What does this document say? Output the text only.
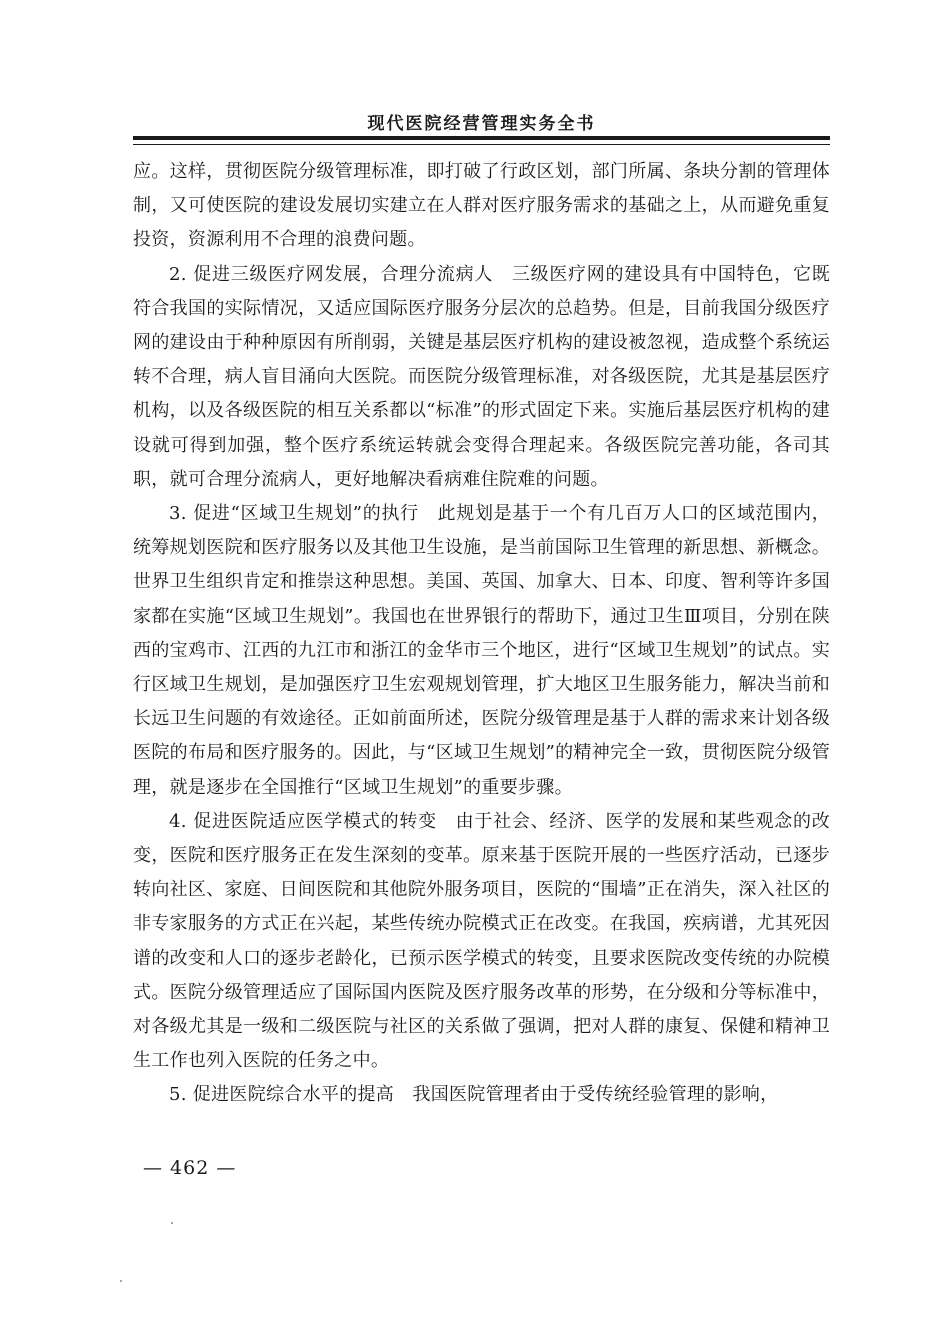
现代医院经营管理实务全书

应。这样，贯彻医院分级管理标准，即打破了行政区划，部门所属、条块分割的管理体制，又可使医院的建设发展切实建立在人群对医疗服务需求的基础之上，从而避免重复投资，资源利用不合理的浪费问题。

2. 促进三级医疗网发展，合理分流病人　三级医疗网的建设具有中国特色，它既符合我国的实际情况，又适应国际医疗服务分层次的总趋势。但是，目前我国分级医疗网的建设由于种种原因有所削弱，关键是基层医疗机构的建设被忽视，造成整个系统运转不合理，病人盲目涌向大医院。而医院分级管理标准，对各级医院，尤其是基层医疗机构，以及各级医院的相互关系都以“标准”的形式固定下来。实施后基层医疗机构的建设就可得到加强，整个医疗系统运转就会变得合理起来。各级医院完善功能，各司其职，就可合理分流病人，更好地解决看病难住院难的问题。

3. 促进“区域卫生规划”的执行　此规划是基于一个有几百万人口的区域范围内，统筹规划医院和医疗服务以及其他卫生设施，是当前国际卫生管理的新思想、新概念。世界卫生组织肯定和推崇这种思想。美国、英国、加拿大、日本、印度、智利等许多国家都在实施“区域卫生规划”。我国也在世界银行的帮助下，通过卫生Ⅲ项目，分别在陕西的宝鸡市、江西的九江市和浙江的金华市三个地区，进行“区域卫生规划”的试点。实行区域卫生规划，是加强医疗卫生宏观规划管理，扩大地区卫生服务能力，解决当前和长远卫生问题的有效途径。正如前面所述，医院分级管理是基于人群的需求来计划各级医院的布局和医疗服务的。因此，与“区域卫生规划”的精神完全一致，贯彻医院分级管理，就是逐步在全国推行“区域卫生规划”的重要步骤。

4. 促进医院适应医学模式的转变　由于社会、经济、医学的发展和某些观念的改变，医院和医疗服务正在发生深刻的变革。原来基于医院开展的一些医疗活动，已逐步转向社区、家庭、日间医院和其他院外服务项目，医院的“围墙”正在消失，深入社区的非专家服务的方式正在兴起，某些传统办院模式正在改变。在我国，疾病谱，尤其死因谱的改变和人口的逐步老龄化，已预示医学模式的转变，且要求医院改变传统的办院模式。医院分级管理适应了国际国内医院及医疗服务改革的形势，在分级和分等标准中，对各级尤其是一级和二级医院与社区的关系做了强调，把对人群的康复、保健和精神卫生工作也列入医院的任务之中。

5. 促进医院综合水平的提高　我国医院管理者由于受传统经验管理的影响，

— 462 —
